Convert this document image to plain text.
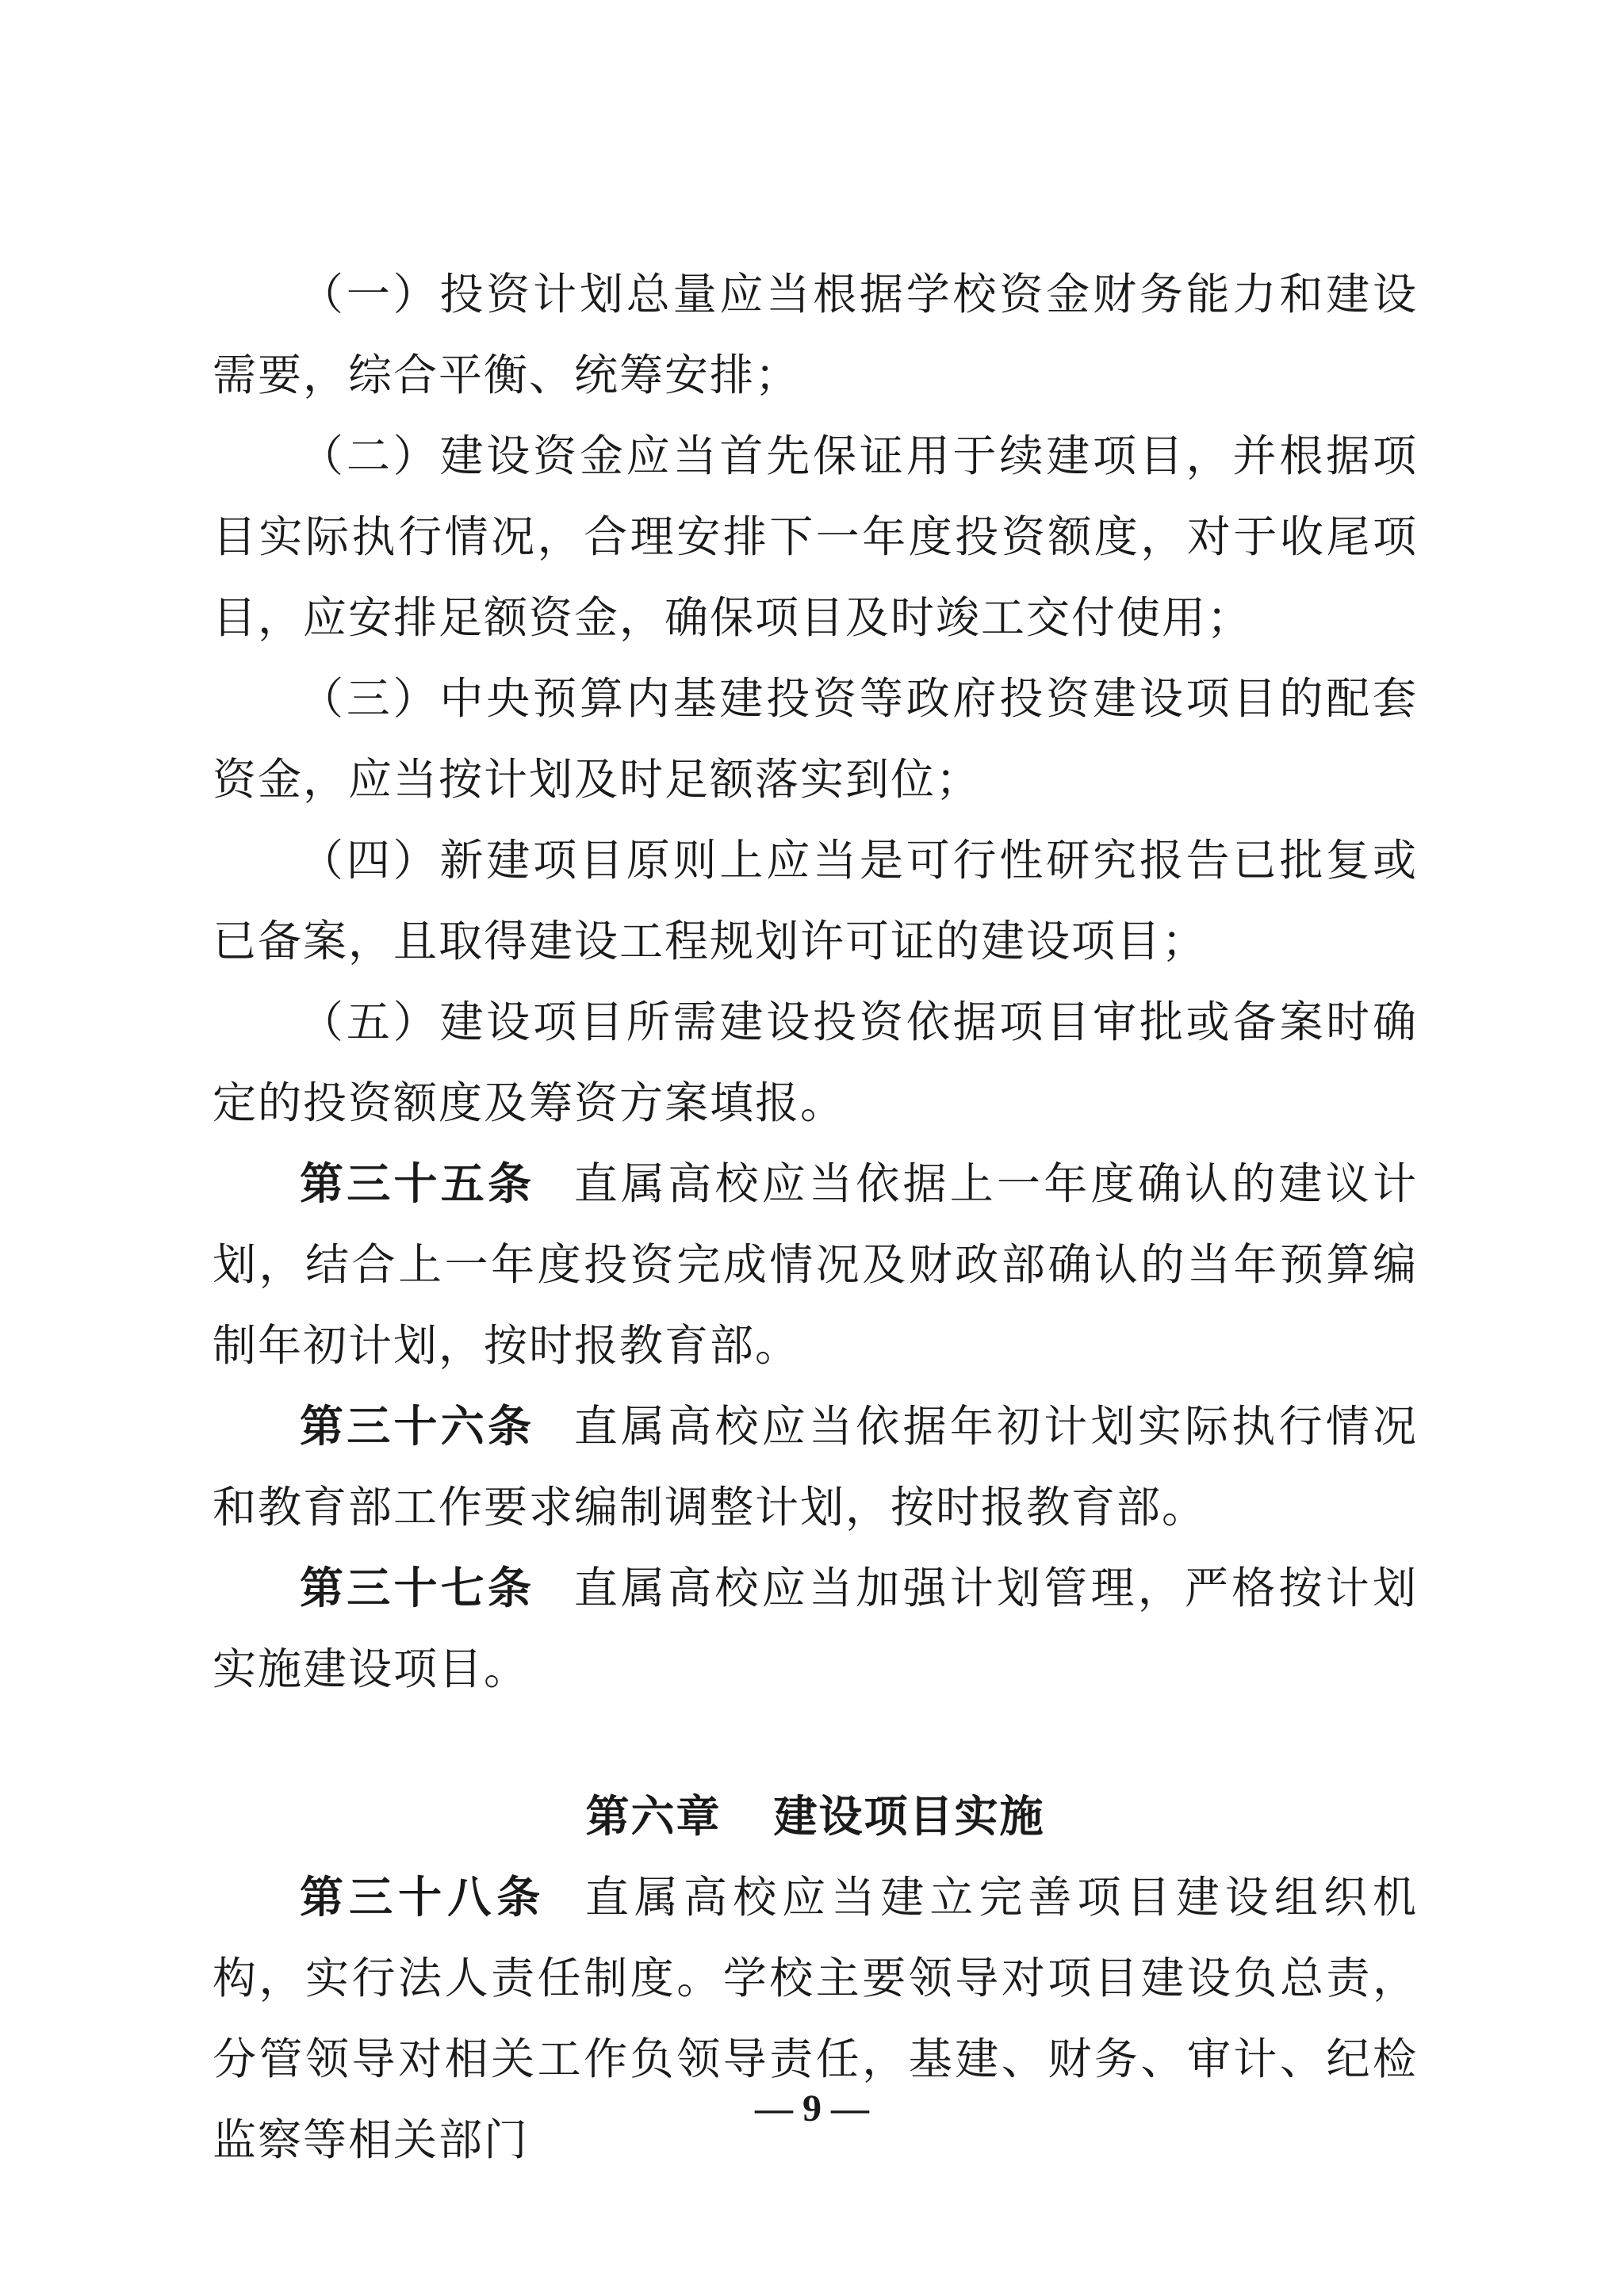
（一）投资计划总量应当根据学校资金财务能力和建设需要，综合平衡、统筹安排；

（二）建设资金应当首先保证用于续建项目，并根据项目实际执行情况，合理安排下一年度投资额度，对于收尾项目，应安排足额资金，确保项目及时竣工交付使用；

（三）中央预算内基建投资等政府投资建设项目的配套资金，应当按计划及时足额落实到位；

（四）新建项目原则上应当是可行性研究报告已批复或已备案，且取得建设工程规划许可证的建设项目；

（五）建设项目所需建设投资依据项目审批或备案时确定的投资额度及筹资方案填报。

第三十五条 直属高校应当依据上一年度确认的建议计划，结合上一年度投资完成情况及财政部确认的当年预算编制年初计划，按时报教育部。

第三十六条 直属高校应当依据年初计划实际执行情况和教育部工作要求编制调整计划，按时报教育部。

第三十七条 直属高校应当加强计划管理，严格按计划实施建设项目。

第六章 建设项目实施

第三十八条 直属高校应当建立完善项目建设组织机构，实行法人责任制度。学校主要领导对项目建设负总责，分管领导对相关工作负领导责任，基建、财务、审计、纪检监察等相关部门

— 9 —
